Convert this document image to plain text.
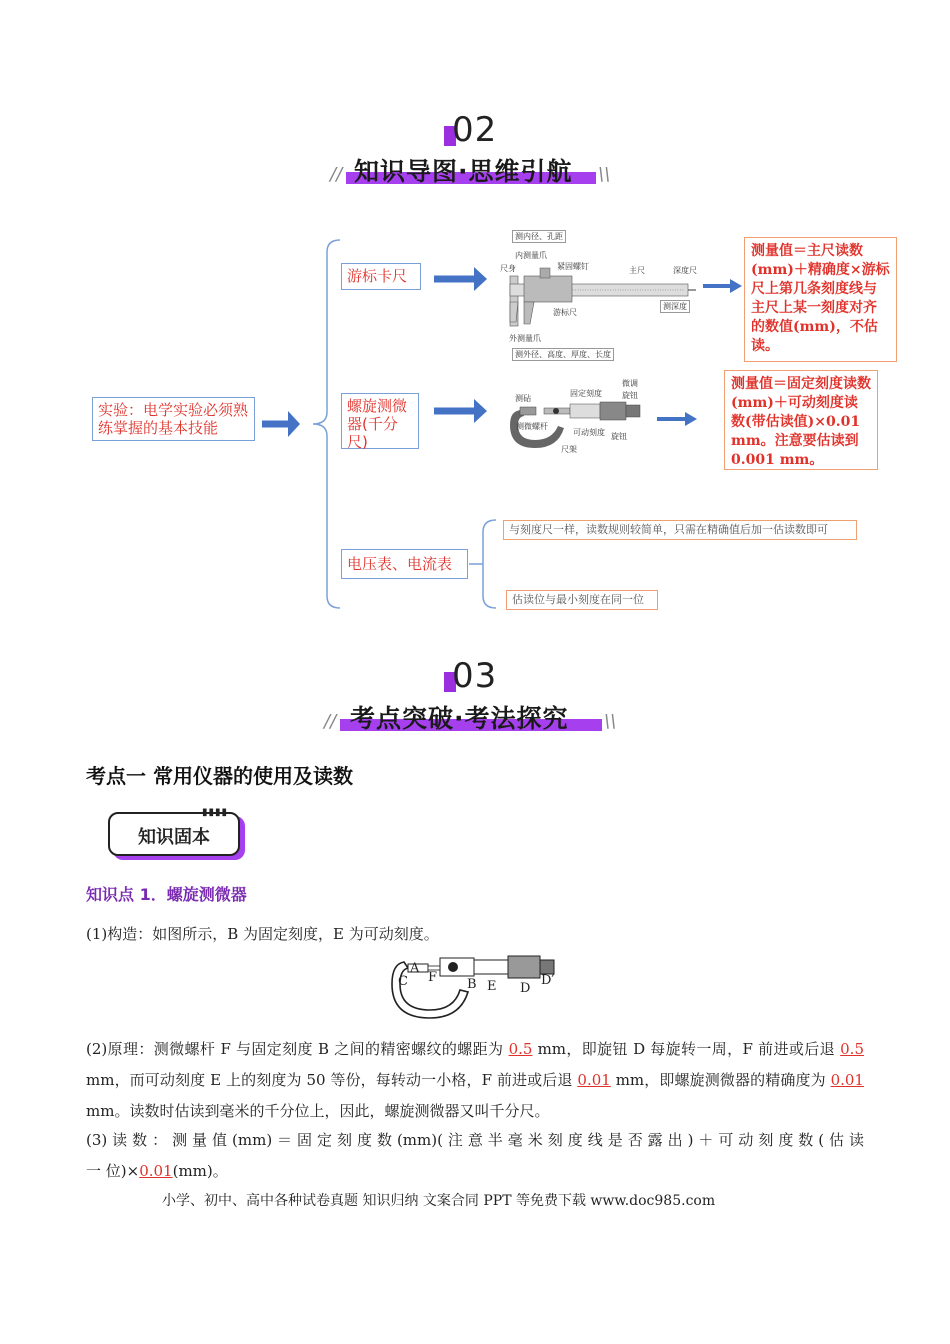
02
// 知识导图·思维引航 \\
实验：电学实验必须熟练掌握的基本技能
游标卡尺
螺旋测微器(千分尺)
电压表、电流表
测内径、孔距
内测量爪
尺身	紧固螺钉	主尺	深度尺
测深度
游标尺
外测量爪
测外径、高度、厚度、长度
测量值＝主尺读数(mm)＋精确度×游标尺上第几条刻度线与主尺上某一刻度对齐的数值(mm)，不估读。
测砧
固定刻度
微调
旋钮
测微螺杆
可动刻度 旋钮
尺架
测量值＝固定刻度读数(mm)＋可动刻度读数(带估读值)×0.01 mm。注意要估读到0.001 mm。
与刻度尺一样，读数规则较简单，只需在精确值后加一估读数即可
估读位与最小刻度在同一位
03
// 考点突破·考法探究 \\
考点一 常用仪器的使用及读数
知识固本
▮▮▮▮
知识点 1．螺旋测微器
(1)构造：如图所示，B 为固定刻度，E 为可动刻度。
A
F
C	B E D
D′
(2)原理：测微螺杆 F 与固定刻度 B 之间的精密螺纹的螺距为 0.5 mm，即旋钮 D 每旋转一周，F 前进或后退 0.5 mm，而可动刻度 E 上的刻度为 50 等份，每转动一小格，F 前进或后退 0.01 mm，即螺旋测微器的精确度为 0.01 mm。读数时估读到毫米的千分位上，因此，螺旋测微器又叫千分尺。
(3) 读 数 ： 测 量 值 (mm) ＝ 固 定 刻 度 数 (mm)( 注 意 半 毫 米 刻 度 线 是 否 露 出 ) ＋ 可 动 刻 度 数 ( 估 读 一 位)×0.01(mm)。
小学、初中、高中各种试卷真题 知识归纳 文案合同 PPT 等免费下载 www.doc985.com
